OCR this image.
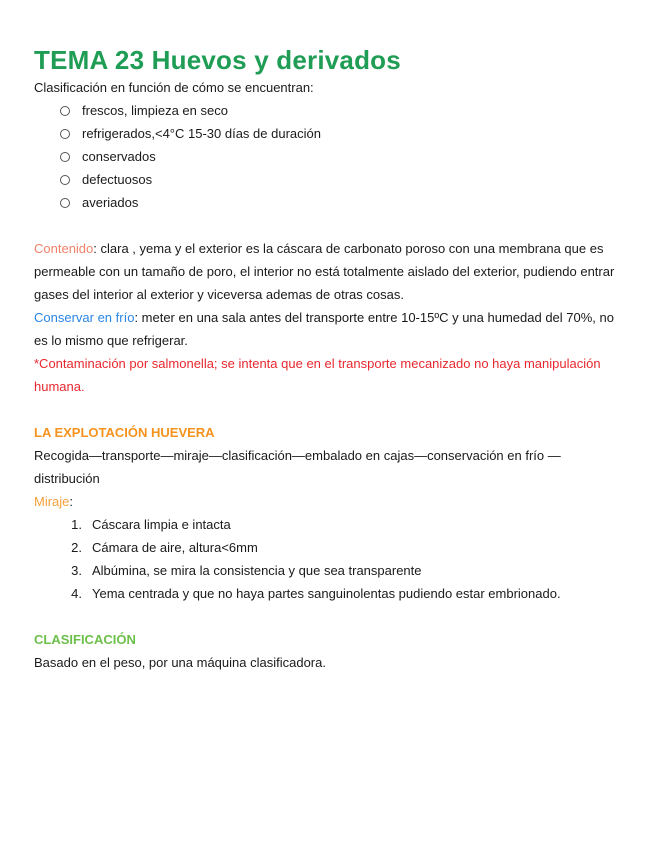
TEMA 23 Huevos y derivados

Clasificación en función de cómo se encuentran:

frescos, limpieza en seco
refrigerados,<4°C 15-30 días de duración
conservados
defectuosos
averiados

Contenido: clara , yema y el exterior es la cáscara de carbonato poroso con una membrana que es permeable con un tamaño de poro, el interior no está totalmente aislado del exterior, pudiendo entrar gases del interior al exterior y viceversa ademas de otras cosas.

Conservar en frío: meter en una sala antes del transporte entre 10-15ºC y una humedad del 70%, no es lo mismo que refrigerar.

*Contaminación por salmonella; se intenta que en el transporte mecanizado no haya manipulación humana.

LA EXPLOTACIÓN HUEVERA

Recogida—transporte—miraje—clasificación—embalado en cajas—conservación en frío —distribución

Miraje:

1. Cáscara limpia e intacta
2. Cámara de aire, altura<6mm
3. Albúmina, se mira la consistencia y que sea transparente
4. Yema centrada y que no haya partes sanguinolentas pudiendo estar embrionado.

CLASIFICACIÓN

Basado en el peso, por una máquina clasificadora.
